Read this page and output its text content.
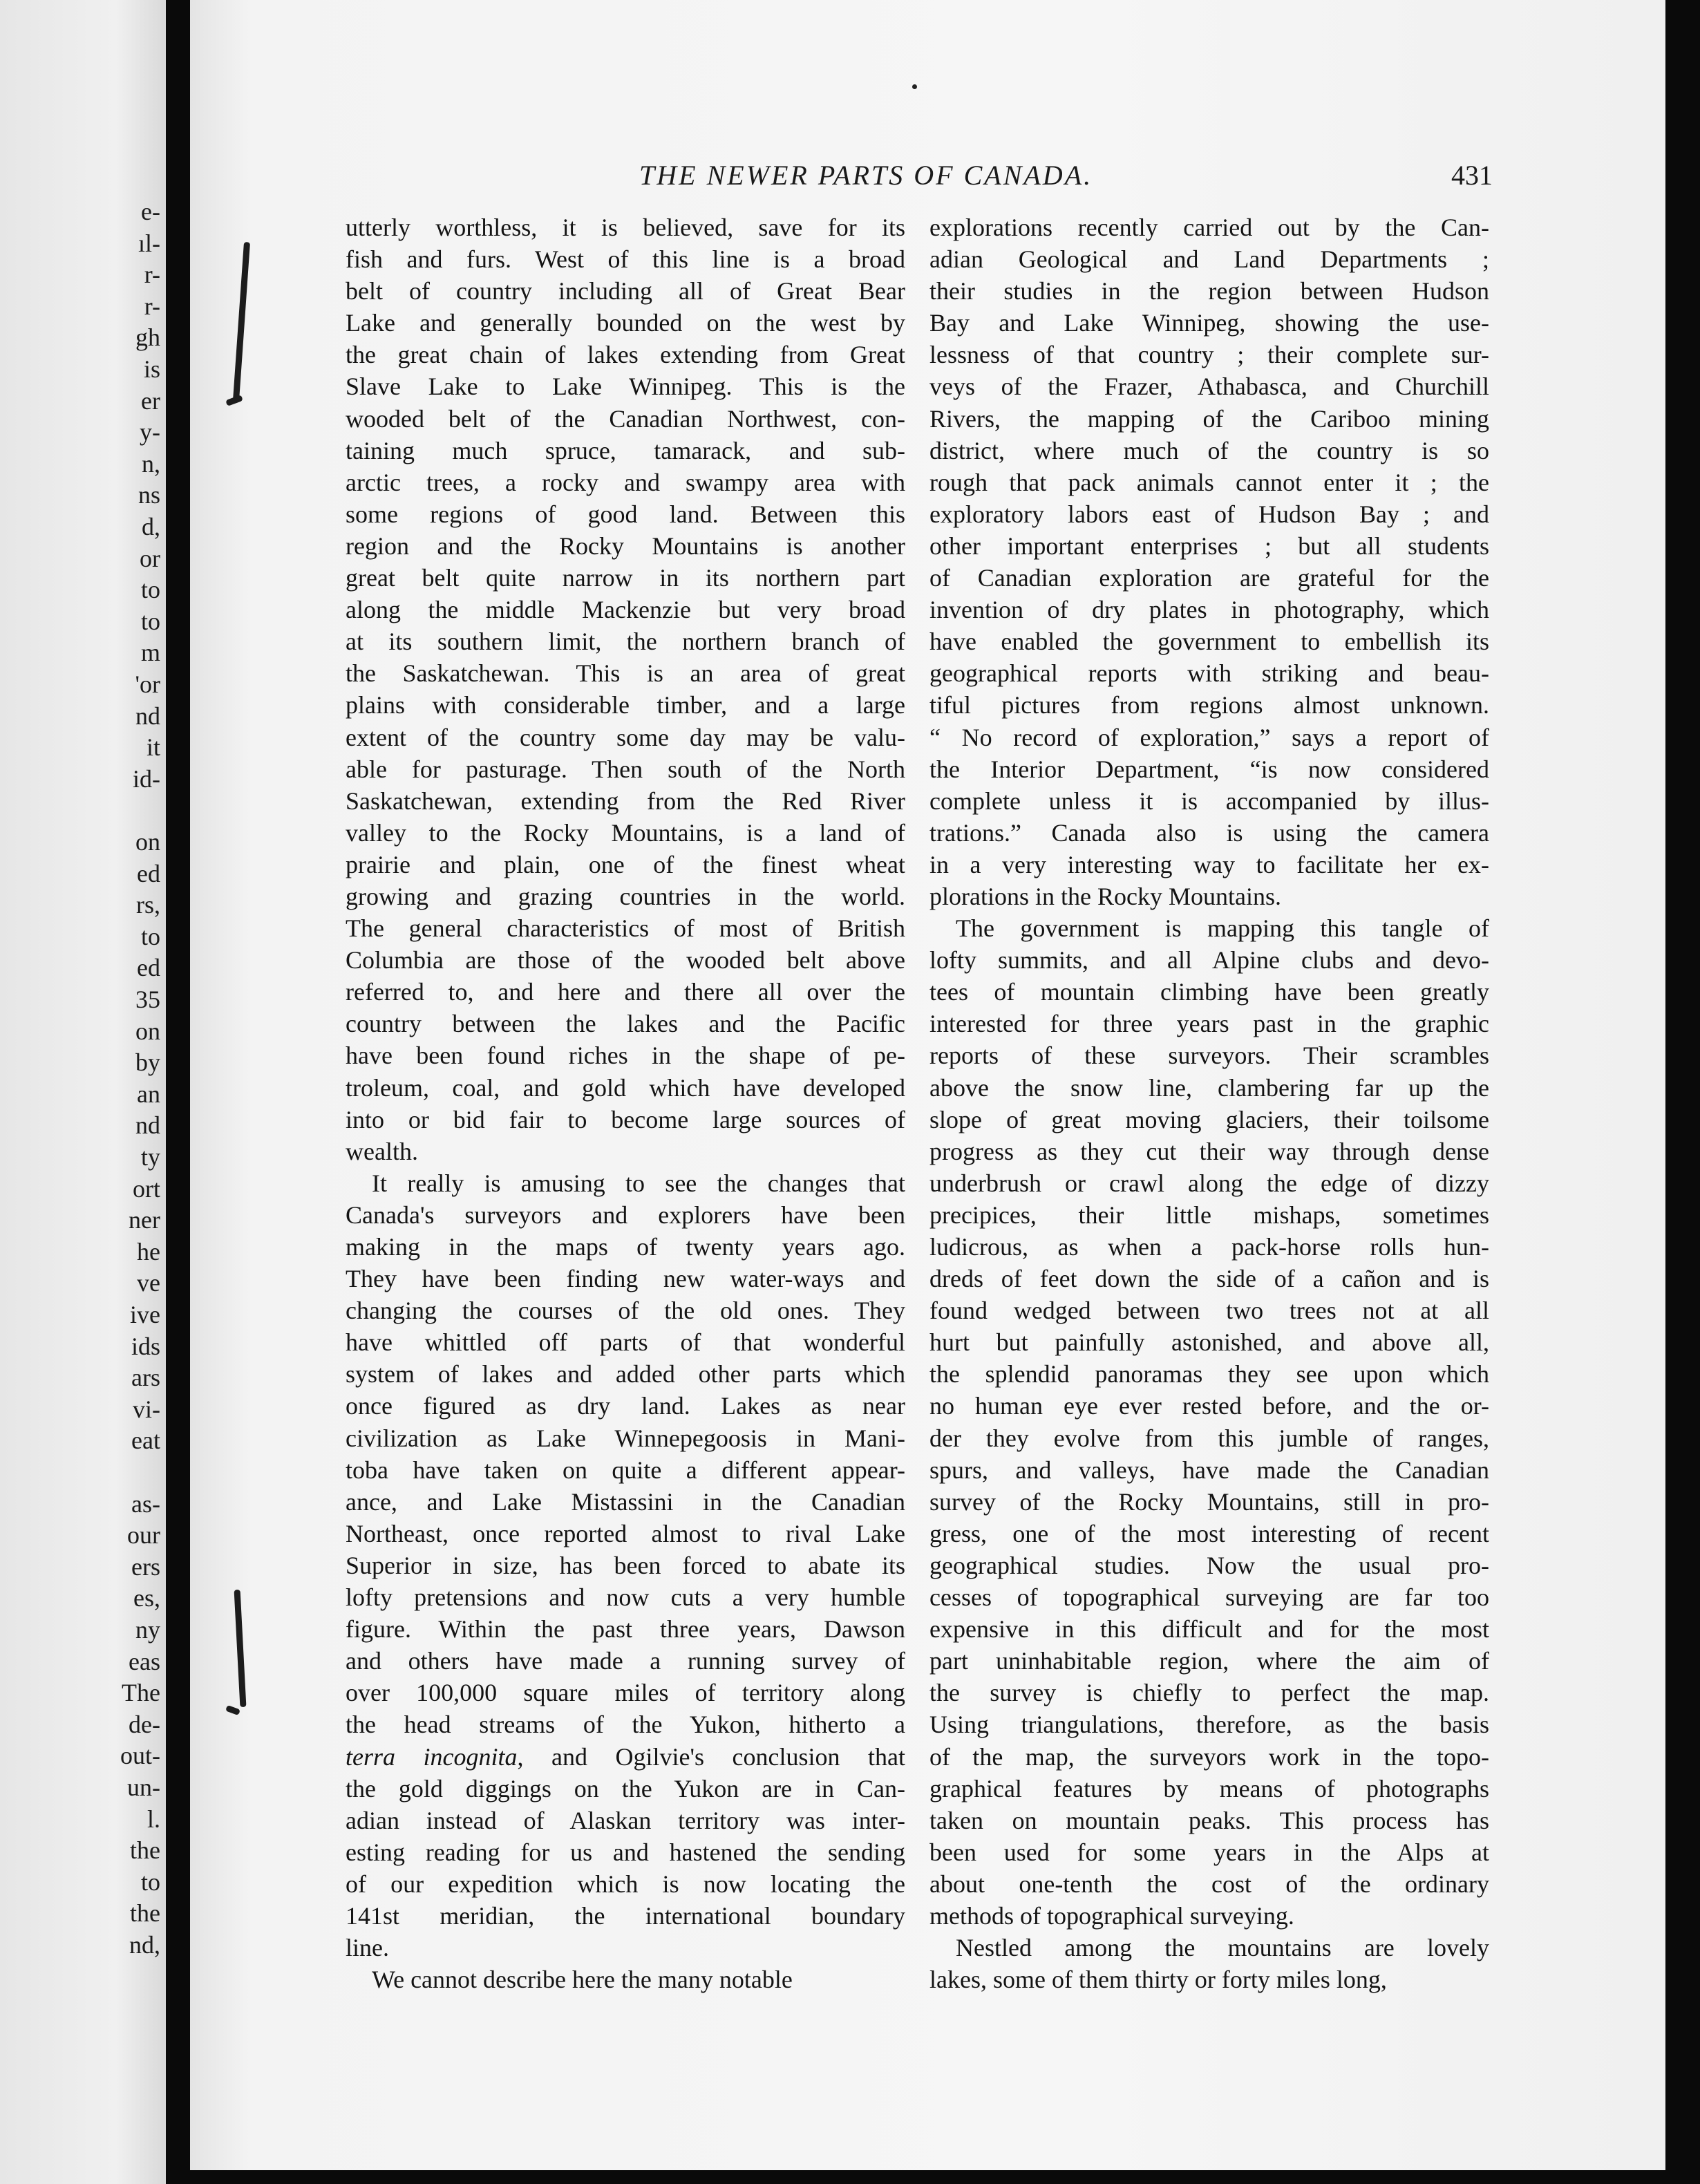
e-
ıl-
r-
r-
gh
is
er
y-
n,
ns
d,
or
to
to
m
'or
nd
it
id-
on
ed
rs,
to
ed
35
on
by
an
nd
ty
ort
ner
he
ve
ive
ids
ars
vi-
eat
as-
our
ers
es,
ny
eas
The
de-
out-
un-
l.
the
to
the
nd,
THE NEWER PARTS OF CANADA.	431
utterly worthless, it is believed, save for its
fish and furs. West of this line is a broad
belt of country including all of Great Bear
Lake and generally bounded on the west by
the great chain of lakes extending from Great
Slave Lake to Lake Winnipeg. This is the
wooded belt of the Canadian Northwest, con-
taining much spruce, tamarack, and sub-
arctic trees, a rocky and swampy area with
some regions of good land. Between this
region and the Rocky Mountains is another
great belt quite narrow in its northern part
along the middle Mackenzie but very broad
at its southern limit, the northern branch of
the Saskatchewan. This is an area of great
plains with considerable timber, and a large
extent of the country some day may be valu-
able for pasturage. Then south of the North
Saskatchewan, extending from the Red River
valley to the Rocky Mountains, is a land of
prairie and plain, one of the finest wheat
growing and grazing countries in the world.
The general characteristics of most of British
Columbia are those of the wooded belt above
referred to, and here and there all over the
country between the lakes and the Pacific
have been found riches in the shape of pe-
troleum, coal, and gold which have developed
into or bid fair to become large sources of
wealth.
It really is amusing to see the changes that
Canada's surveyors and explorers have been
making in the maps of twenty years ago.
They have been finding new water-ways and
changing the courses of the old ones. They
have whittled off parts of that wonderful
system of lakes and added other parts which
once figured as dry land. Lakes as near
civilization as Lake Winnepegoosis in Mani-
toba have taken on quite a different appear-
ance, and Lake Mistassini in the Canadian
Northeast, once reported almost to rival Lake
Superior in size, has been forced to abate its
lofty pretensions and now cuts a very humble
figure. Within the past three years, Dawson
and others have made a running survey of
over 100,000 square miles of territory along
the head streams of the Yukon, hitherto a
terra incognita, and Ogilvie's conclusion that
the gold diggings on the Yukon are in Can-
adian instead of Alaskan territory was inter-
esting reading for us and hastened the sending
of our expedition which is now locating the
141st meridian, the international boundary
line.
We cannot describe here the many notable
explorations recently carried out by the Can-
adian Geological and Land Departments ;
their studies in the region between Hudson
Bay and Lake Winnipeg, showing the use-
lessness of that country ; their complete sur-
veys of the Frazer, Athabasca, and Churchill
Rivers, the mapping of the Cariboo mining
district, where much of the country is so
rough that pack animals cannot enter it ; the
exploratory labors east of Hudson Bay ; and
other important enterprises ; but all students
of Canadian exploration are grateful for the
invention of dry plates in photography, which
have enabled the government to embellish its
geographical reports with striking and beau-
tiful pictures from regions almost unknown.
“ No record of exploration,” says a report of
the Interior Department, “is now considered
complete unless it is accompanied by illus-
trations.” Canada also is using the camera
in a very interesting way to facilitate her ex-
plorations in the Rocky Mountains.
The government is mapping this tangle of
lofty summits, and all Alpine clubs and devo-
tees of mountain climbing have been greatly
interested for three years past in the graphic
reports of these surveyors. Their scrambles
above the snow line, clambering far up the
slope of great moving glaciers, their toilsome
progress as they cut their way through dense
underbrush or crawl along the edge of dizzy
precipices, their little mishaps, sometimes
ludicrous, as when a pack-horse rolls hun-
dreds of feet down the side of a cañon and is
found wedged between two trees not at all
hurt but painfully astonished, and above all,
the splendid panoramas they see upon which
no human eye ever rested before, and the or-
der they evolve from this jumble of ranges,
spurs, and valleys, have made the Canadian
survey of the Rocky Mountains, still in pro-
gress, one of the most interesting of recent
geographical studies. Now the usual pro-
cesses of topographical surveying are far too
expensive in this difficult and for the most
part uninhabitable region, where the aim of
the survey is chiefly to perfect the map.
Using triangulations, therefore, as the basis
of the map, the surveyors work in the topo-
graphical features by means of photographs
taken on mountain peaks. This process has
been used for some years in the Alps at
about one-tenth the cost of the ordinary
methods of topographical surveying.
Nestled among the mountains are lovely
lakes, some of them thirty or forty miles long,
